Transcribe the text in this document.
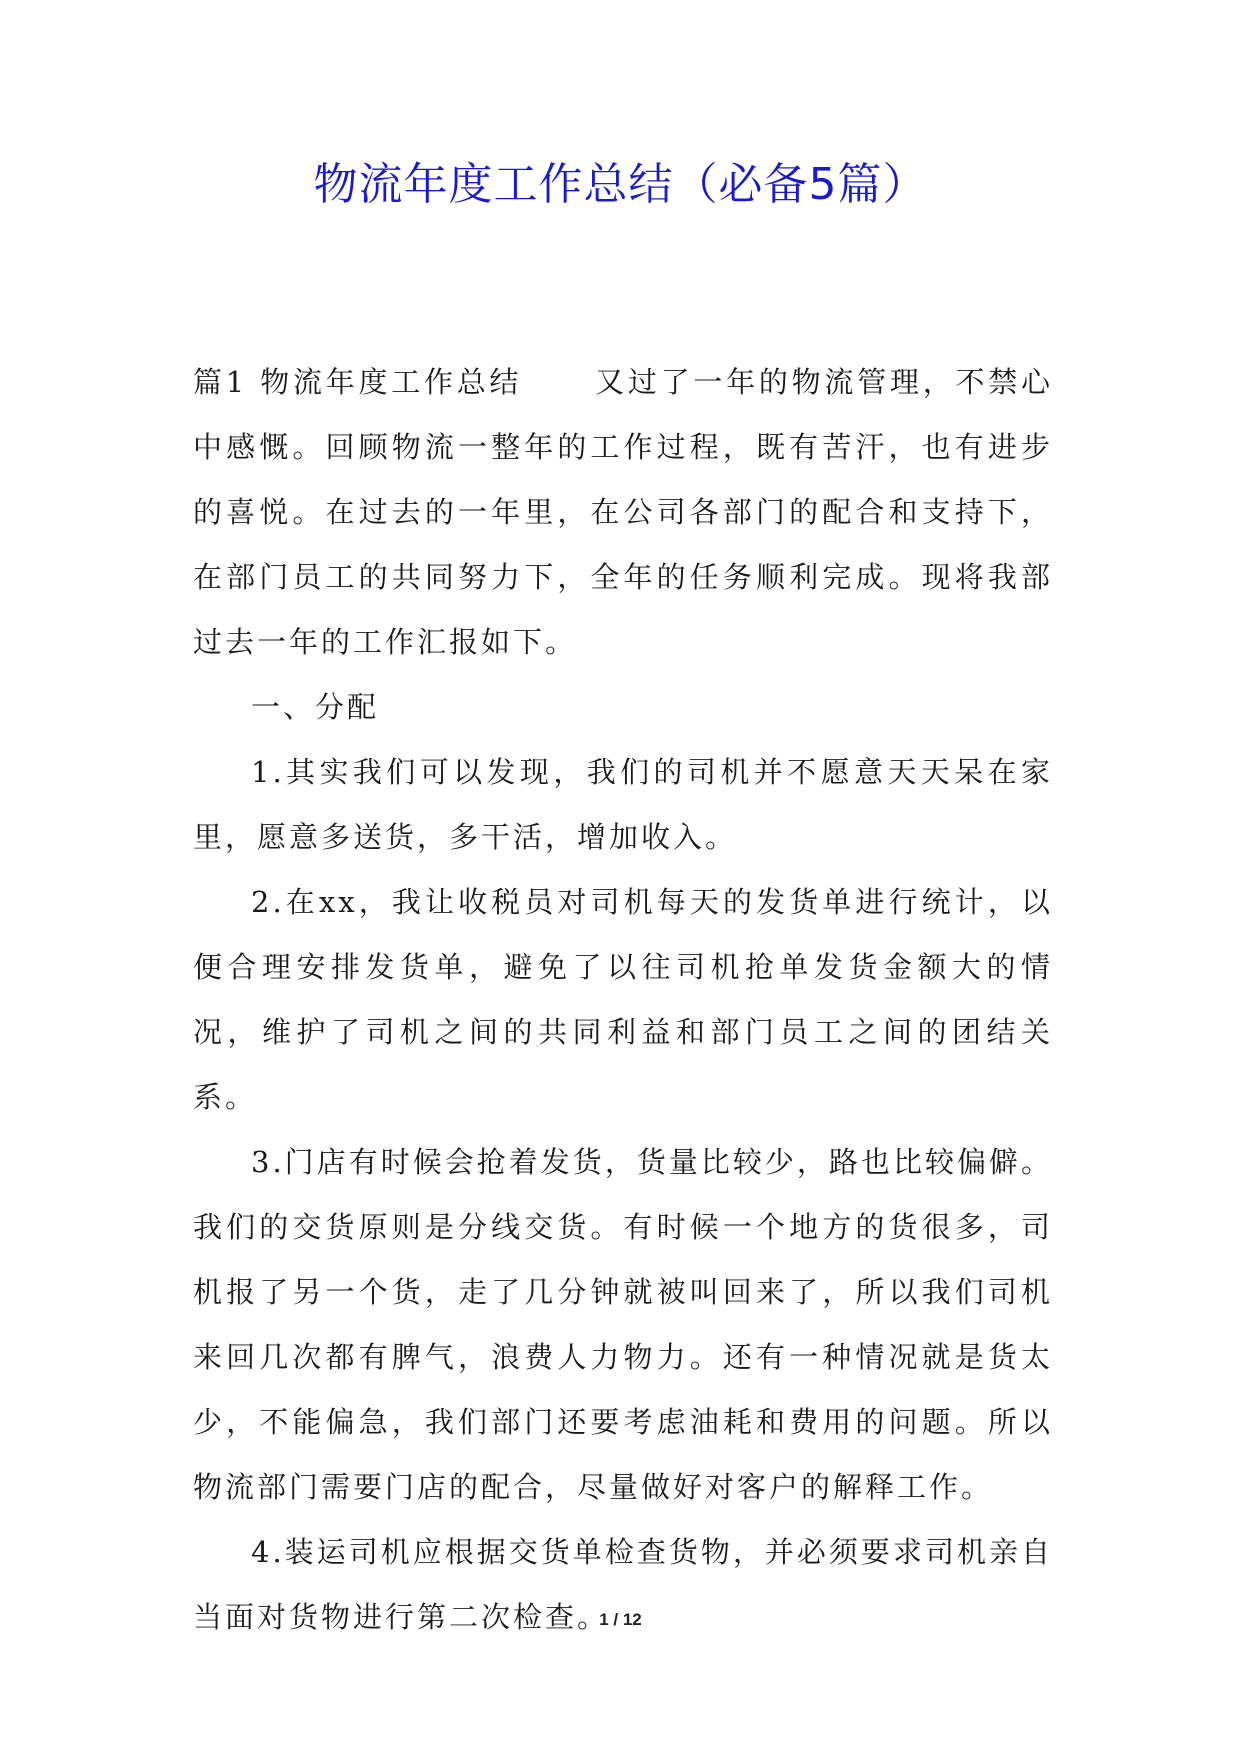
物流年度工作总结（必备5篇）

篇1 物流年度工作总结 又过了一年的物流管理，不禁心中感慨。回顾物流一整年的工作过程，既有苦汗，也有进步的喜悦。在过去的一年里，在公司各部门的配合和支持下，在部门员工的共同努力下，全年的任务顺利完成。现将我部过去一年的工作汇报如下。

一、分配

1.其实我们可以发现，我们的司机并不愿意天天呆在家里，愿意多送货，多干活，增加收入。

2.在xx，我让收税员对司机每天的发货单进行统计，以便合理安排发货单，避免了以往司机抢单发货金额大的情况，维护了司机之间的共同利益和部门员工之间的团结关系。

3.门店有时候会抢着发货，货量比较少，路也比较偏僻。我们的交货原则是分线交货。有时候一个地方的货很多，司机报了另一个货，走了几分钟就被叫回来了，所以我们司机来回几次都有脾气，浪费人力物力。还有一种情况就是货太少，不能偏急，我们部门还要考虑油耗和费用的问题。所以物流部门需要门店的配合，尽量做好对客户的解释工作。

4.装运司机应根据交货单检查货物，并必须要求司机亲自当面对货物进行第二次检查。

1 / 12
